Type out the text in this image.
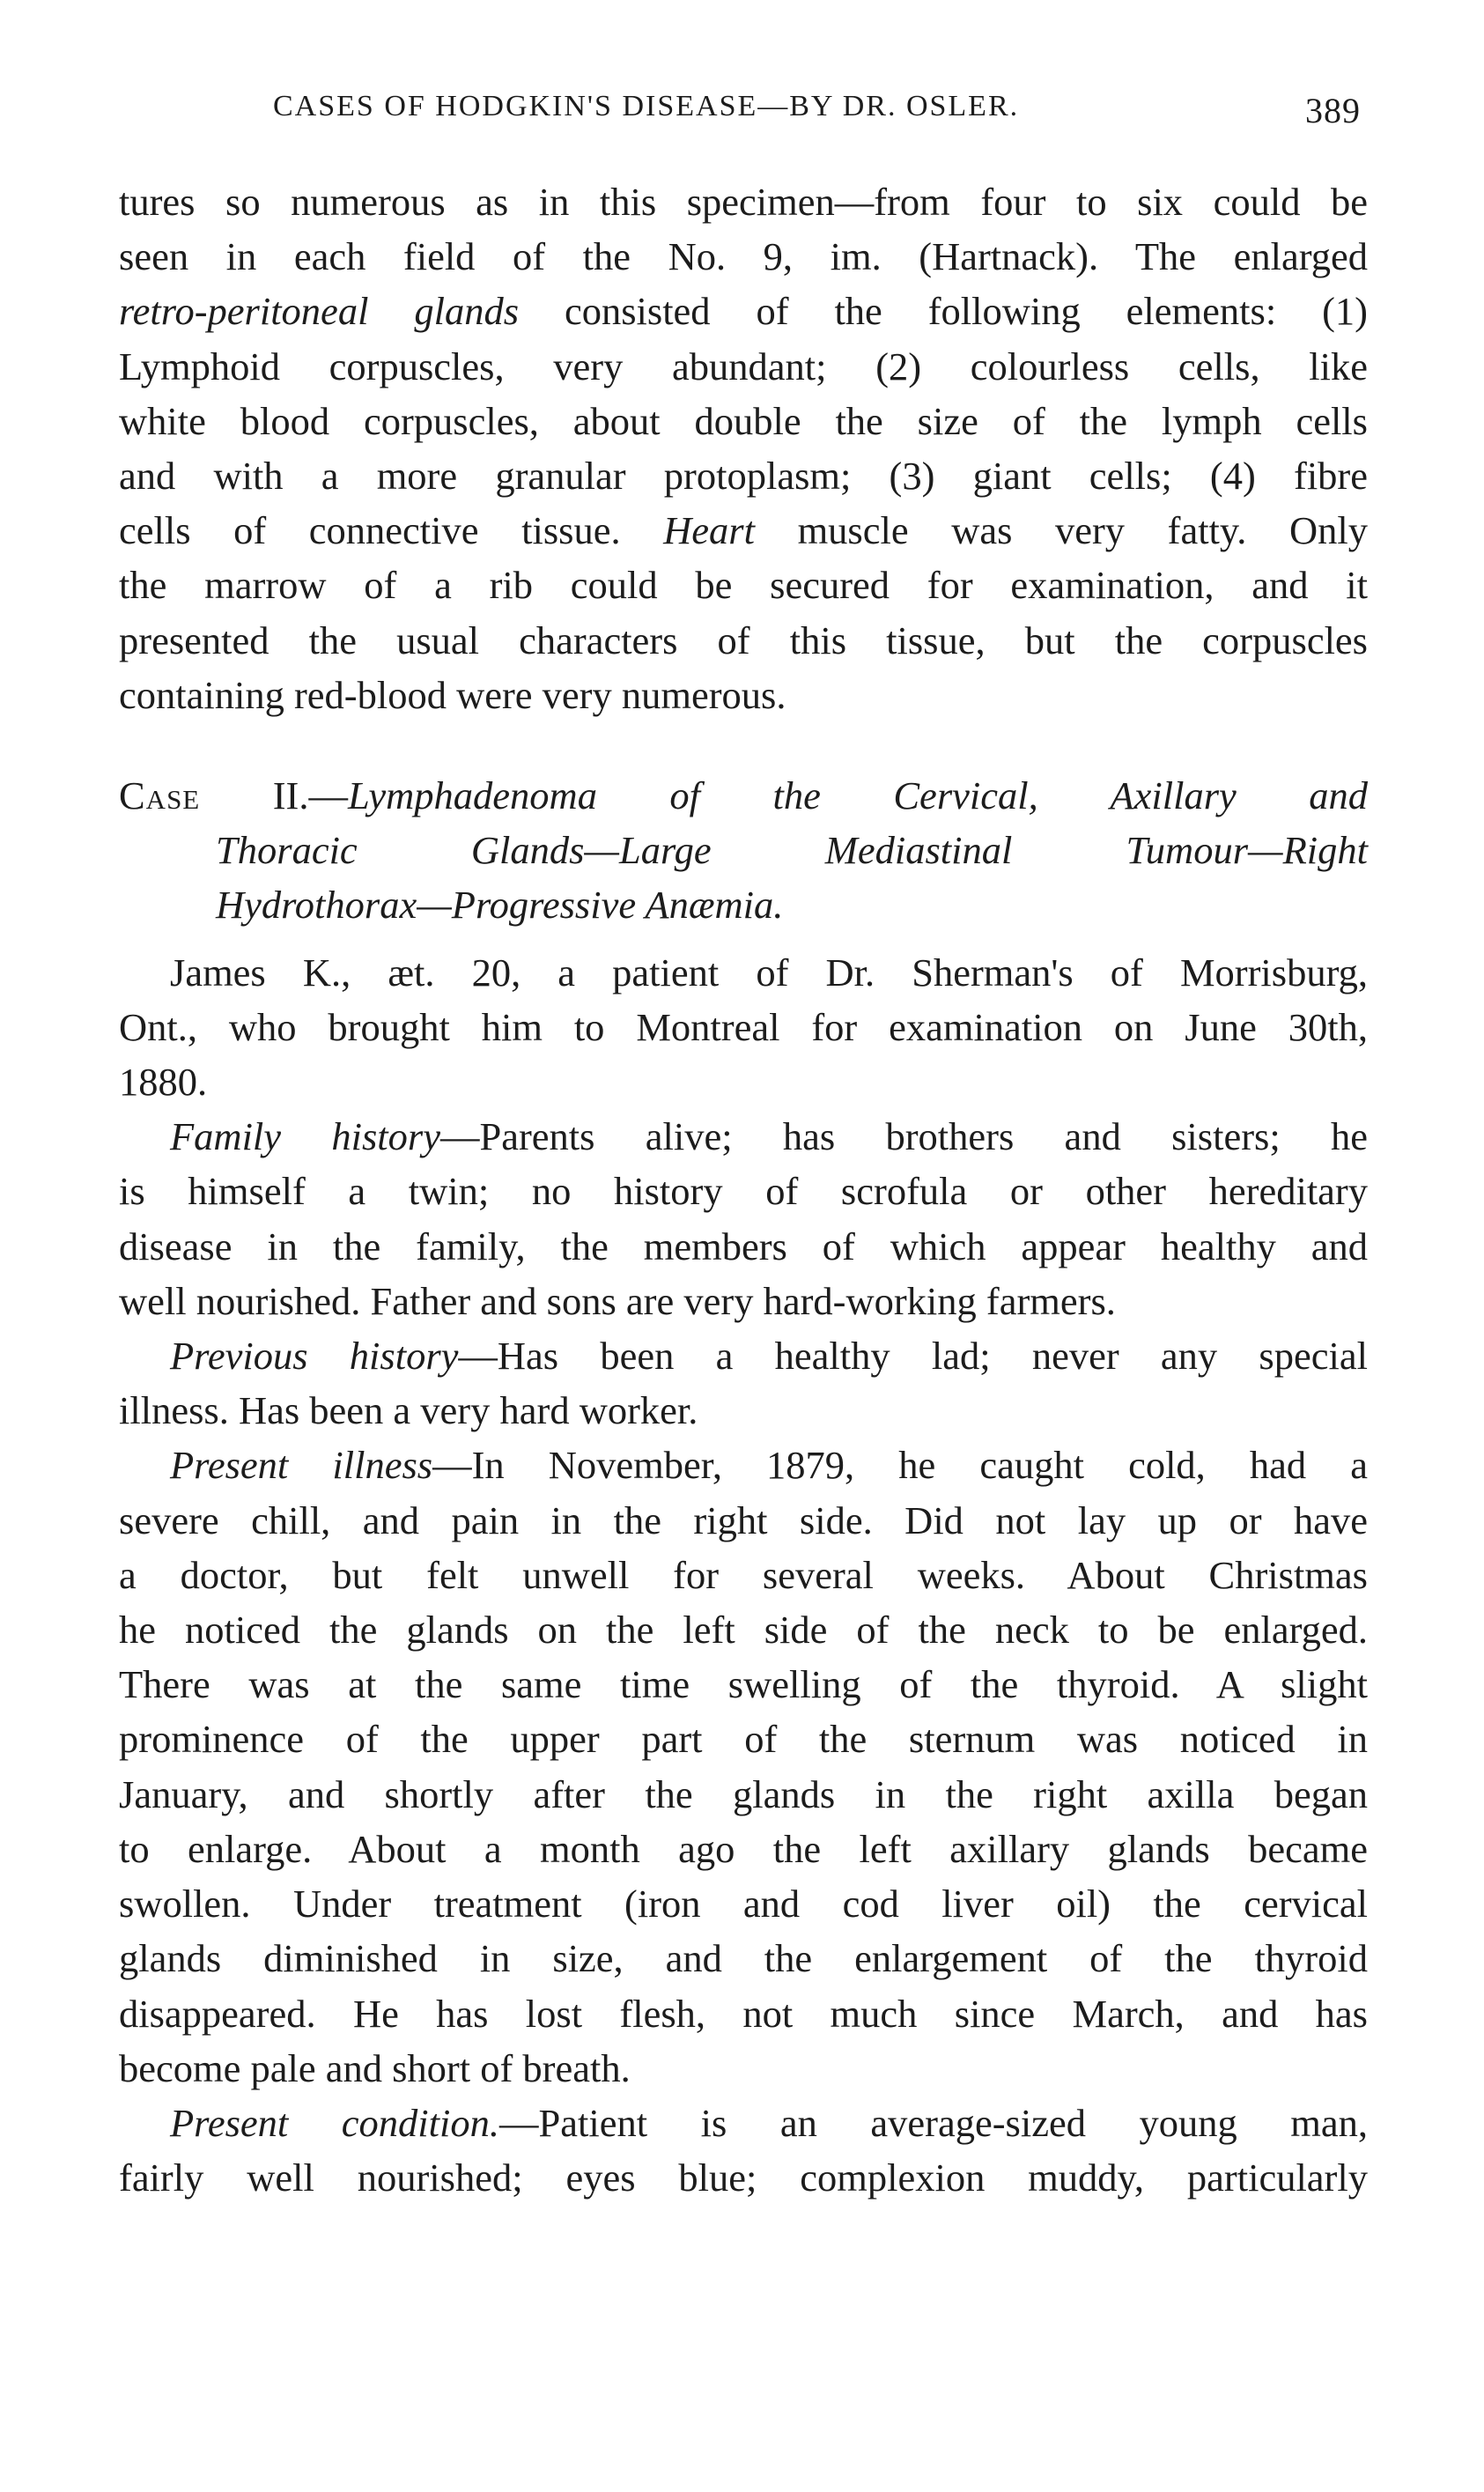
CASES OF HODGKIN'S DISEASE—BY DR. OSLER.	389

tures so numerous as in this specimen—from four to six could be

seen in each field of the No. 9, im. (Hartnack). The enlarged

retro-peritoneal glands consisted of the following elements: (1)

Lymphoid corpuscles, very abundant; (2) colourless cells, like

white blood corpuscles, about double the size of the lymph cells

and with a more granular protoplasm; (3) giant cells; (4) fibre

cells of connective tissue. Heart muscle was very fatty. Only

the marrow of a rib could be secured for examination, and it

presented the usual characters of this tissue, but the corpuscles

containing red-blood were very numerous.

Case II.—Lymphadenoma of the Cervical, Axillary and
Thoracic Glands—Large Mediastinal Tumour—Right
Hydrothorax—Progressive Anæmia.

James K., æt. 20, a patient of Dr. Sherman's of Morrisburg,

Ont., who brought him to Montreal for examination on June 30th,

1880.

Family history—Parents alive; has brothers and sisters; he

is himself a twin; no history of scrofula or other hereditary

disease in the family, the members of which appear healthy and

well nourished. Father and sons are very hard-working farmers.

Previous history—Has been a healthy lad; never any special

illness. Has been a very hard worker.

Present illness—In November, 1879, he caught cold, had a

severe chill, and pain in the right side. Did not lay up or have

a doctor, but felt unwell for several weeks. About Christmas

he noticed the glands on the left side of the neck to be enlarged.

There was at the same time swelling of the thyroid. A slight

prominence of the upper part of the sternum was noticed in

January, and shortly after the glands in the right axilla began

to enlarge. About a month ago the left axillary glands became

swollen. Under treatment (iron and cod liver oil) the cervical

glands diminished in size, and the enlargement of the thyroid

disappeared. He has lost flesh, not much since March, and has

become pale and short of breath.

Present condition.—Patient is an average-sized young man,

fairly well nourished; eyes blue; complexion muddy, particularly
